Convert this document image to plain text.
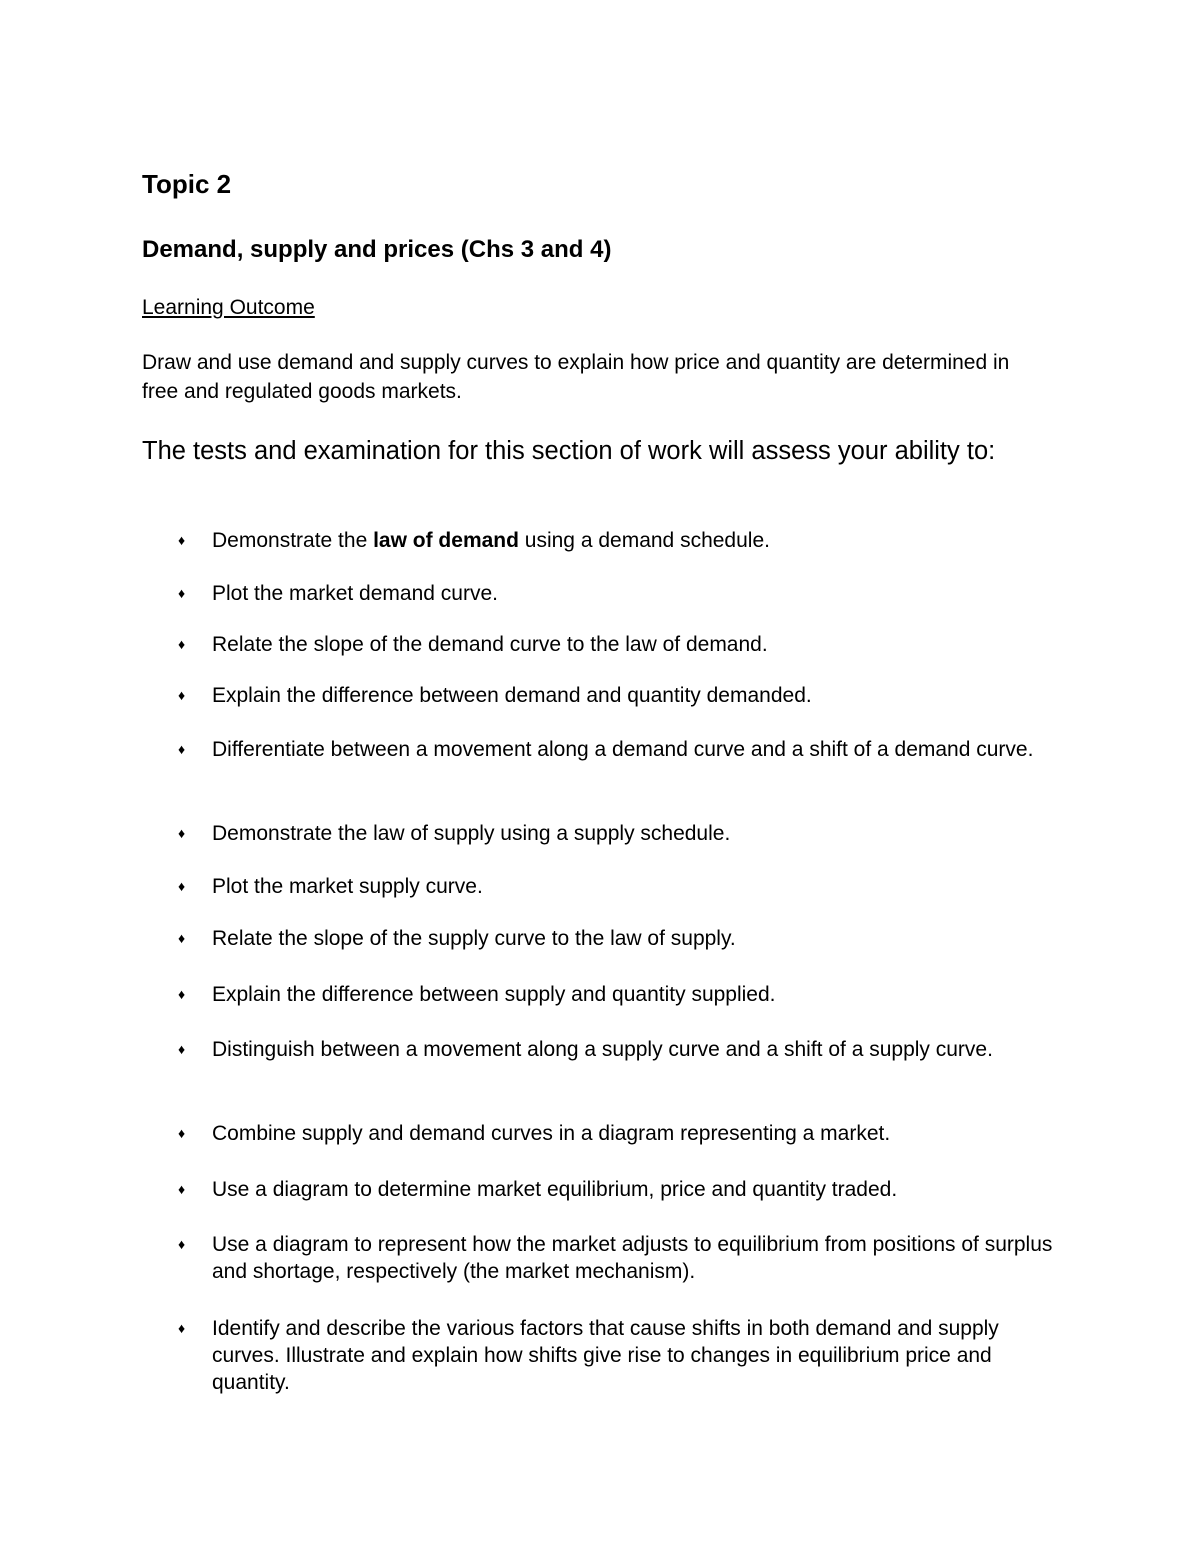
Topic 2
Demand, supply and prices (Chs 3 and 4)

Learning Outcome

Draw and use demand and supply curves to explain how price and quantity are determined in free and regulated goods markets.

The tests and examination for this section of work will assess your ability to:

♦	Demonstrate the law of demand using a demand schedule.
♦	Plot the market demand curve.
♦	Relate the slope of the demand curve to the law of demand.
♦	Explain the difference between demand and quantity demanded.
♦	Differentiate between a movement along a demand curve and a shift of a demand curve.
♦	Demonstrate the law of supply using a supply schedule.
♦	Plot the market supply curve.
♦	Relate the slope of the supply curve to the law of supply.
♦	Explain the difference between supply and quantity supplied.
♦	Distinguish between a movement along a supply curve and a shift of a supply curve.
♦	Combine supply and demand curves in a diagram representing a market.
♦	Use a diagram to determine market equilibrium, price and quantity traded.
♦	Use a diagram to represent how the market adjusts to equilibrium from positions of surplus and shortage, respectively (the market mechanism).
♦	Identify and describe the various factors that cause shifts in both demand and supply curves. Illustrate and explain how shifts give rise to changes in equilibrium price and quantity.
